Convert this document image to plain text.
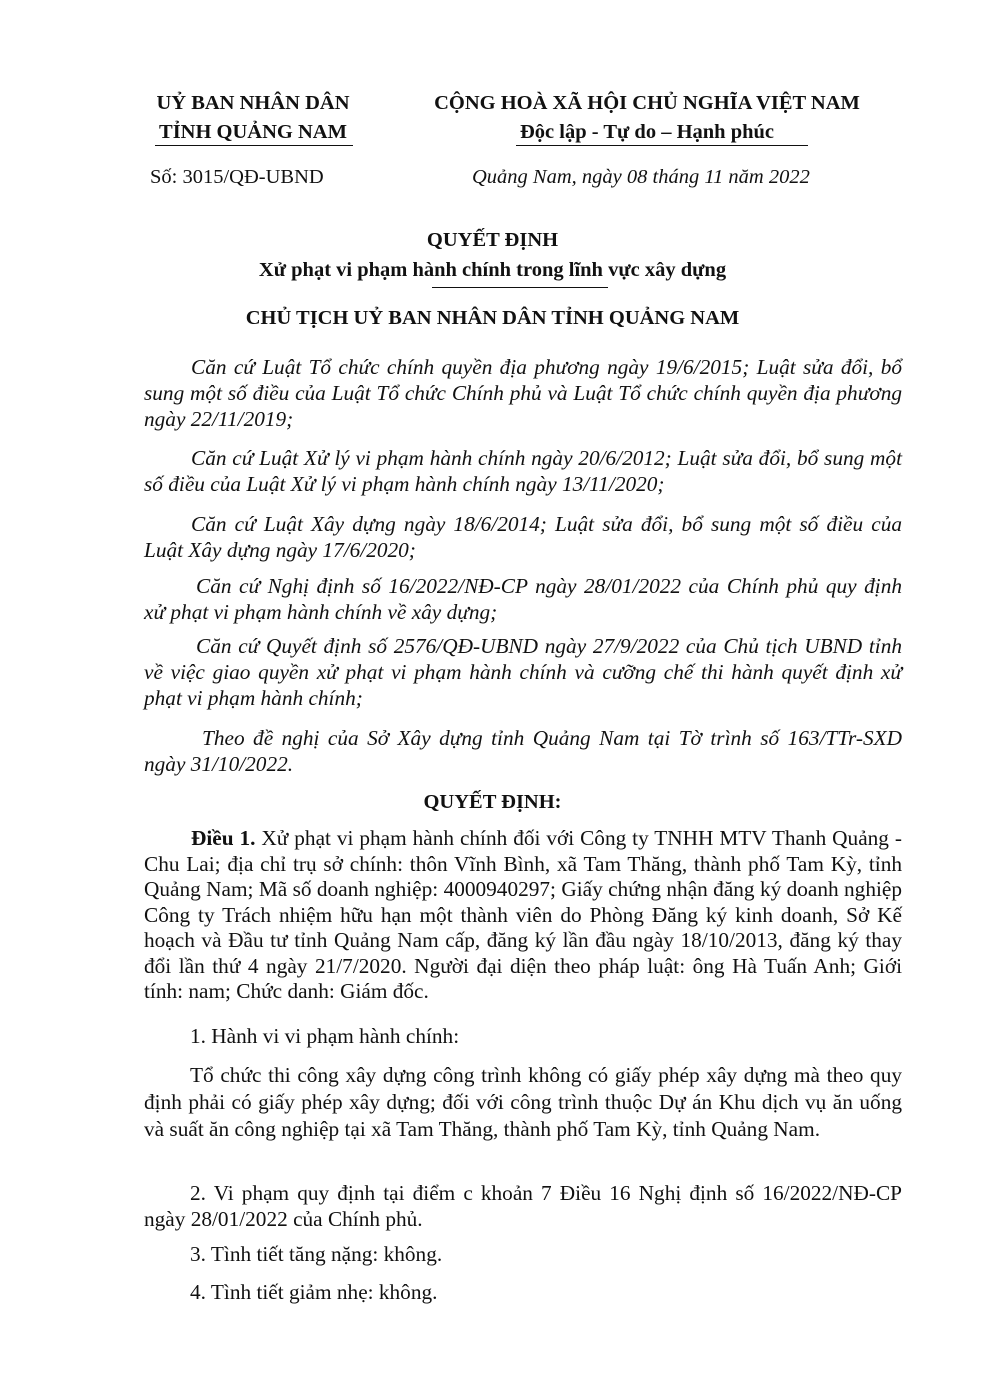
UỶ BAN NHÂN DÂN
TỈNH QUẢNG NAM
CỘNG HOÀ XÃ HỘI CHỦ NGHĨA VIỆT NAM
Độc lập - Tự do – Hạnh phúc
Số: 3015/QĐ-UBND	Quảng Nam, ngày 08 tháng 11 năm 2022
QUYẾT ĐỊNH
Xử phạt vi phạm hành chính trong lĩnh vực xây dựng
CHỦ TỊCH UỶ BAN NHÂN DÂN TỈNH QUẢNG NAM
Căn cứ Luật Tổ chức chính quyền địa phương ngày 19/6/2015; Luật sửa đổi, bổ sung một số điều của Luật Tổ chức Chính phủ và Luật Tổ chức chính quyền địa phương ngày 22/11/2019;
Căn cứ Luật Xử lý vi phạm hành chính ngày 20/6/2012; Luật sửa đổi, bổ sung một số điều của Luật Xử lý vi phạm hành chính ngày 13/11/2020;
Căn cứ Luật Xây dựng ngày 18/6/2014; Luật sửa đổi, bổ sung một số điều của Luật Xây dựng ngày 17/6/2020;
Căn cứ Nghị định số 16/2022/NĐ-CP ngày 28/01/2022 của Chính phủ quy định xử phạt vi phạm hành chính về xây dựng;
Căn cứ Quyết định số 2576/QĐ-UBND ngày 27/9/2022 của Chủ tịch UBND tỉnh về việc giao quyền xử phạt vi phạm hành chính và cưỡng chế thi hành quyết định xử phạt vi phạm hành chính;
Theo đề nghị của Sở Xây dựng tỉnh Quảng Nam tại Tờ trình số 163/TTr-SXD ngày 31/10/2022.
QUYẾT ĐỊNH:
Điều 1. Xử phạt vi phạm hành chính đối với Công ty TNHH MTV Thanh Quảng - Chu Lai; địa chỉ trụ sở chính: thôn Vĩnh Bình, xã Tam Thăng, thành phố Tam Kỳ, tỉnh Quảng Nam; Mã số doanh nghiệp: 4000940297; Giấy chứng nhận đăng ký doanh nghiệp Công ty Trách nhiệm hữu hạn một thành viên do Phòng Đăng ký kinh doanh, Sở Kế hoạch và Đầu tư tỉnh Quảng Nam cấp, đăng ký lần đầu ngày 18/10/2013, đăng ký thay đổi lần thứ 4 ngày 21/7/2020. Người đại diện theo pháp luật: ông Hà Tuấn Anh; Giới tính: nam; Chức danh: Giám đốc.
1. Hành vi vi phạm hành chính:
Tổ chức thi công xây dựng công trình không có giấy phép xây dựng mà theo quy định phải có giấy phép xây dựng; đối với công trình thuộc Dự án Khu dịch vụ ăn uống và suất ăn công nghiệp tại xã Tam Thăng, thành phố Tam Kỳ, tỉnh Quảng Nam.
2. Vi phạm quy định tại điểm c khoản 7 Điều 16 Nghị định số 16/2022/NĐ-CP ngày 28/01/2022 của Chính phủ.
3. Tình tiết tăng nặng: không.
4. Tình tiết giảm nhẹ: không.
